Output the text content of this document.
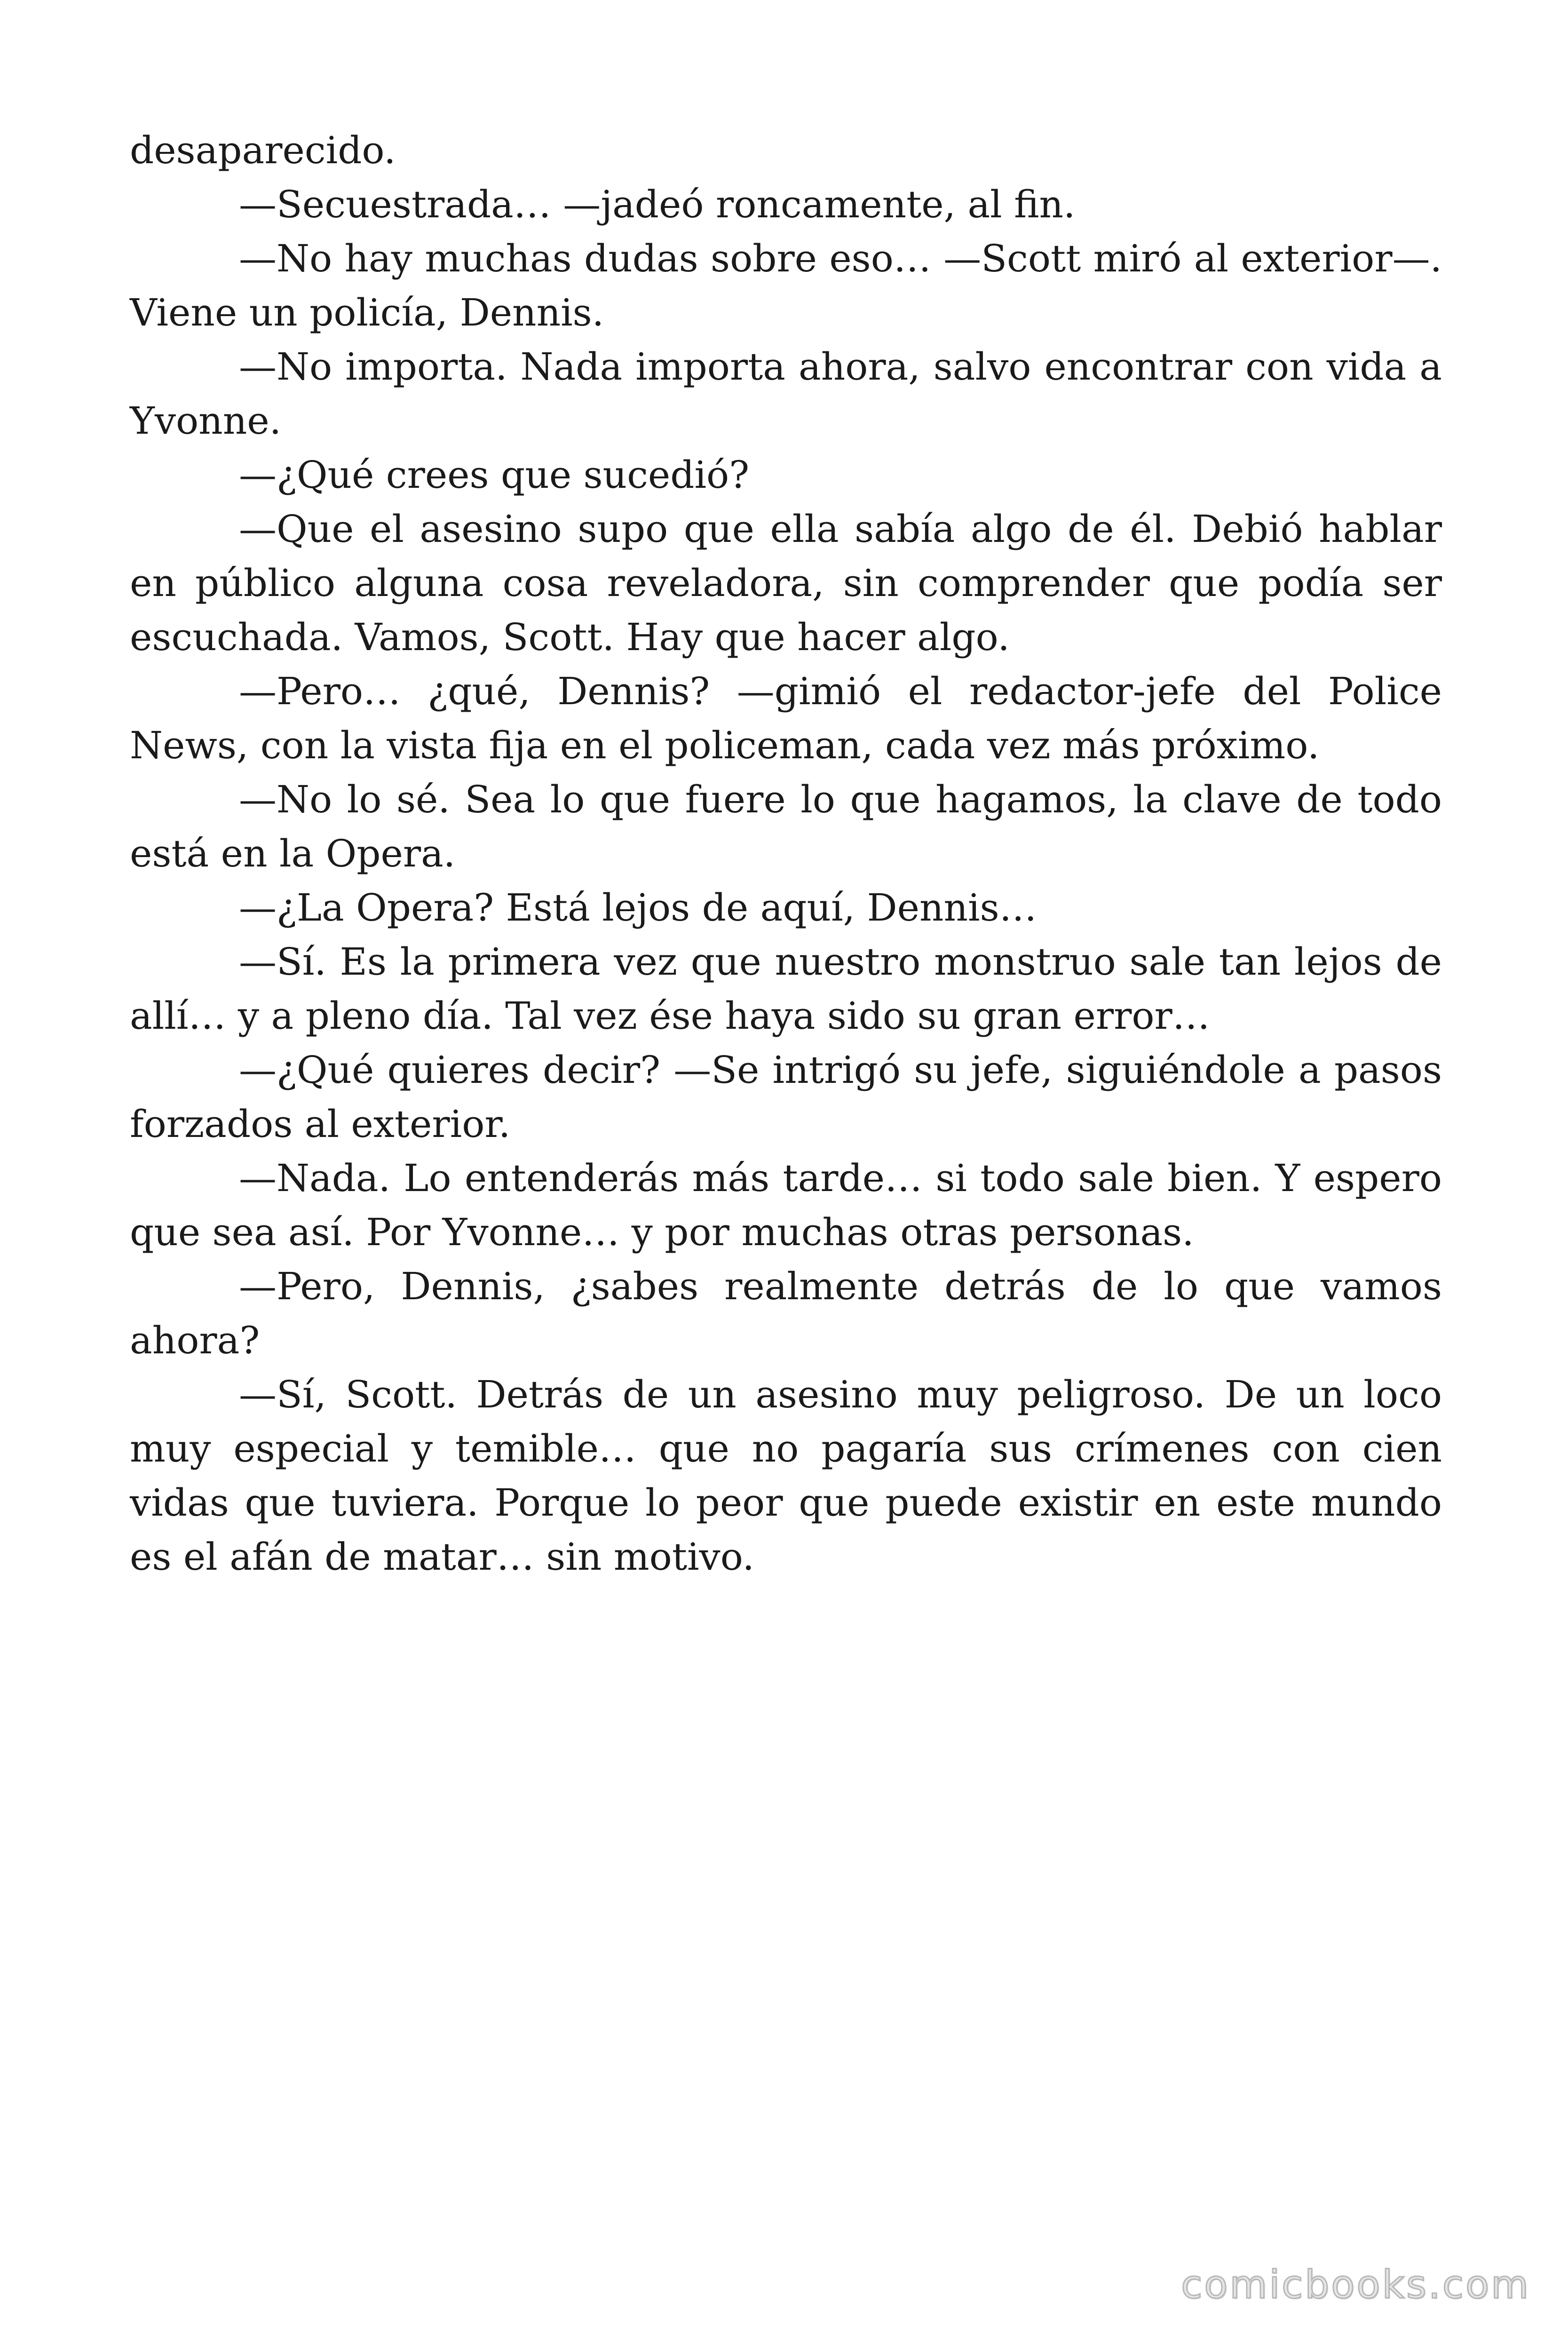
desaparecido.

—Secuestrada… —jadeó roncamente, al fin.

—No hay muchas dudas sobre eso… —Scott miró al exterior—. Viene un policía, Dennis.

—No importa. Nada importa ahora, salvo encontrar con vida a Yvonne.

—¿Qué crees que sucedió?

—Que el asesino supo que ella sabía algo de él. Debió hablar en público alguna cosa reveladora, sin comprender que podía ser escuchada. Vamos, Scott. Hay que hacer algo.

—Pero… ¿qué, Dennis? —gimió el redactor-jefe del Police News, con la vista fija en el policeman, cada vez más próximo.

—No lo sé. Sea lo que fuere lo que hagamos, la clave de todo está en la Opera.

—¿La Opera? Está lejos de aquí, Dennis…

—Sí. Es la primera vez que nuestro monstruo sale tan lejos de allí… y a pleno día. Tal vez ése haya sido su gran error…

—¿Qué quieres decir? —Se intrigó su jefe, siguiéndole a pasos forzados al exterior.

—Nada. Lo entenderás más tarde… si todo sale bien. Y espero que sea así. Por Yvonne… y por muchas otras personas.

—Pero, Dennis, ¿sabes realmente detrás de lo que vamos ahora?

—Sí, Scott. Detrás de un asesino muy peligroso. De un loco muy especial y temible… que no pagaría sus crímenes con cien vidas que tuviera. Porque lo peor que puede existir en este mundo es el afán de matar… sin motivo.

comicbooks.com
